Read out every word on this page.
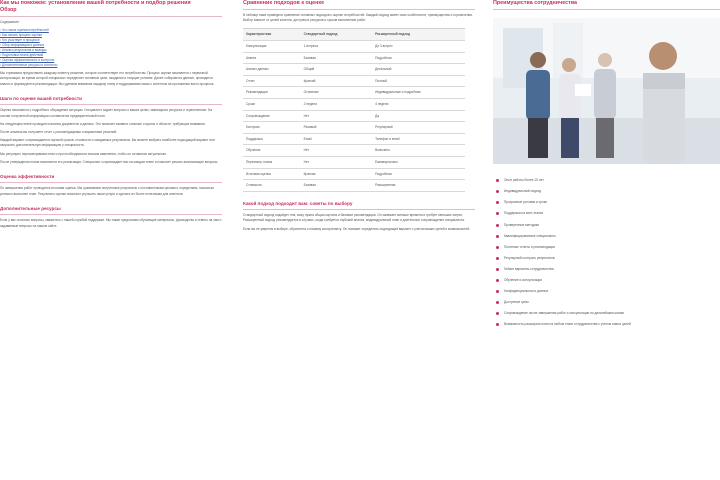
Как мы поможем: установление вашей потребности и подбор решения
Обзор
Содержание:
• Что такое оценка потребностей
• Как начать процесс оценки
• Кто участвует в процессе
• Сбор информации и данных
• Анализ результатов и выводы
• Подготовка плана действий
• Оценка эффективности и контроль
• Дополнительные ресурсы и контакты

Мы стремимся предоставить каждому клиенту решение, которое соответствует его потребностям. Процесс оценки начинается с первичной консультации, во время которой специалист определяет основные цели, ожидания и текущие условия. Далее собираются данные, проводится анализ и формируются рекомендации. Мы уделяем внимание каждому этапу и поддерживаем связь с клиентом на протяжении всего процесса.

Шаги по оценке вашей потребности

Оценка начинается с подробного обсуждения ситуации. Специалист задает вопросы о ваших целях, имеющихся ресурсах и ограничениях. На основе полученной информации составляется предварительный план.

На следующем этапе проводится анализ документов и данных. Это помогает выявить сильные стороны и области, требующие внимания.

После анализа вы получаете отчет с рекомендациями и вариантами решений.

Каждый вариант сопровождается оценкой сроков, стоимости и ожидаемых результатов. Вы можете выбрать наиболее подходящий вариант или запросить дополнительную информацию у специалиста.

Мы регулярно пересматриваем план и при необходимости вносим изменения, чтобы он оставался актуальным.

После утверждения плана начинается его реализация. Специалист сопровождает вас на каждом этапе и помогает решать возникающие вопросы.

Оценка эффективности

По завершении работ проводится итоговая оценка. Мы сравниваем полученные результаты с поставленными целями и определяем, насколько успешно выполнен план. Результаты оценки помогают улучшить наши услуги и сделать их более полезными для клиентов.

Дополнительные ресурсы

Если у вас остались вопросы, свяжитесь с нашей службой поддержки. Мы также предлагаем обучающие материалы, руководства и ответы на часто задаваемые вопросы на нашем сайте.

Сравнение подходов к оценке

В таблице ниже приведено сравнение основных подходов к оценке потребностей. Каждый подход имеет свои особенности, преимущества и ограничения. Выбор зависит от целей клиента, доступных ресурсов и сроков выполнения работ.

Характеристика	Стандартный подход	Расширенный подход
Консультация	1 встреча	До 3 встреч
Анкета	Базовая	Подробная
Анализ данных	Общий	Детальный
Отчет	Краткий	Полный
Рекомендации	Основные	Индивидуальные и подробные
Сроки	2 недели	4 недели
Сопровождение	Нет	Да
Контроль	Разовый	Регулярный
Поддержка	Email	Телефон и email
Обучение	Нет	Включено
Пересмотр плана	Нет	Ежеквартально
Итоговая оценка	Краткая	Подробная
Стоимость	Базовая	Расширенная
Какой подход подходит вам: советы по выбору

Стандартный подход подойдет тем, кому нужна общая картина и базовые рекомендации. Он занимает меньше времени и требует меньших затрат. Расширенный подход рекомендуется в случаях, когда требуется глубокий анализ, индивидуальный план и длительное сопровождение специалиста.

Если вы не уверены в выборе, обратитесь к нашему консультанту. Он поможет определить подходящий вариант с учетом ваших целей и возможностей.

Преимущества сотрудничества
Опыт работы более 15 лет
Индивидуальный подход
Прозрачные условия и сроки
Поддержка на всех этапах
Проверенные методики
Квалифицированные специалисты
Понятные отчеты и рекомендации
Регулярный контроль результатов
Гибкие варианты сотрудничества
Обучение и консультации
Конфиденциальность данных
Доступные цены
Сопровождение после завершения работ и консультации по дальнейшим шагам
Возможность расширить план на любом этапе сотрудничества с учетом новых целей
